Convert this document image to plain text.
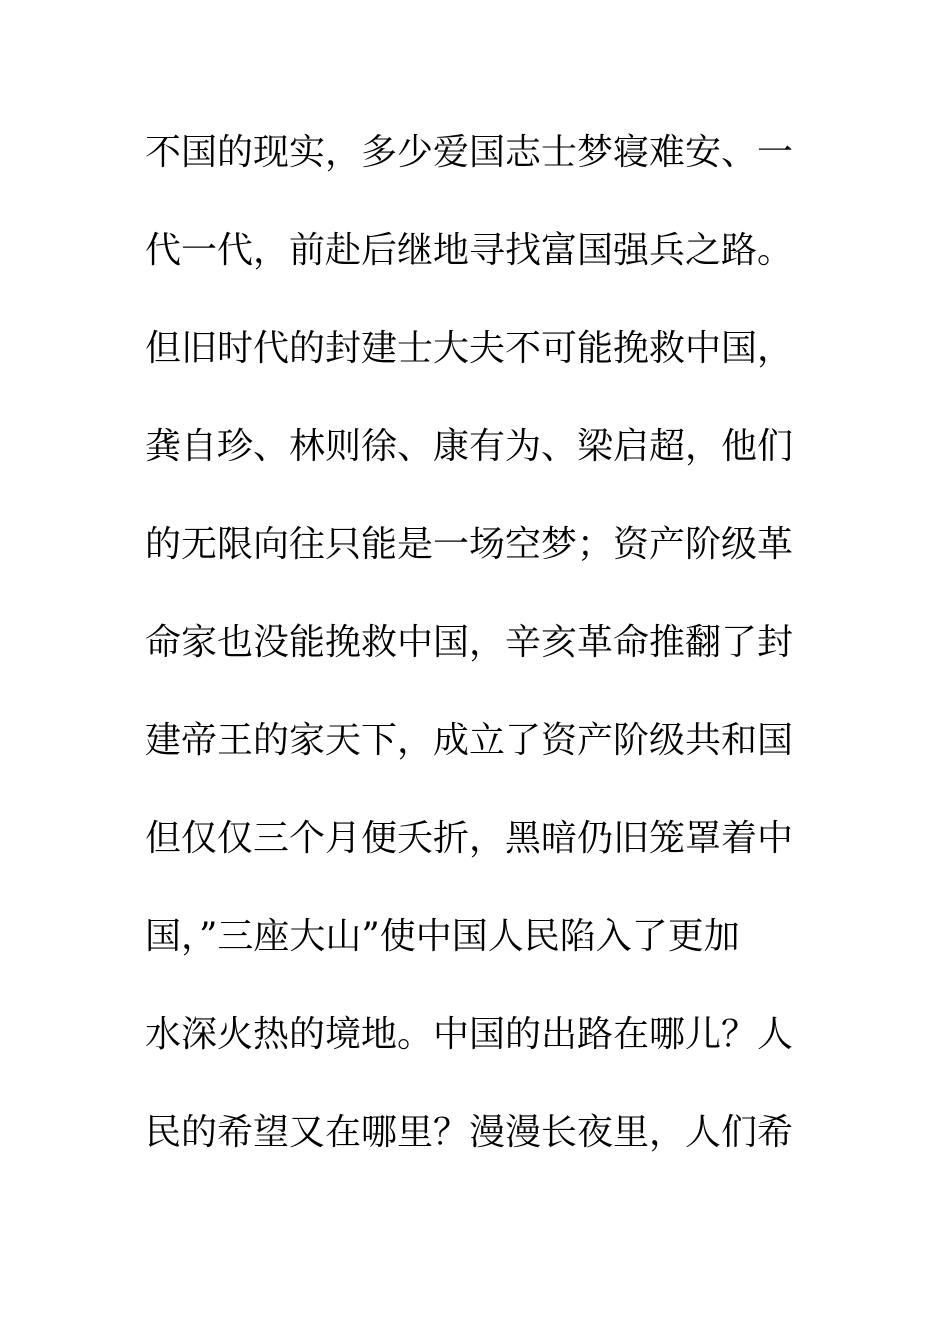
不国的现实，多少爱国志士梦寝难安、一
代一代，前赴后继地寻找富国强兵之路。
但旧时代的封建士大夫不可能挽救中国，
龚自珍、林则徐、康有为、梁启超，他们
的无限向往只能是一场空梦；资产阶级革
命家也没能挽救中国，辛亥革命推翻了封
建帝王的家天下，成立了资产阶级共和国
但仅仅三个月便夭折，黑暗仍旧笼罩着中
国，”三座大山”使中国人民陷入了更加
水深火热的境地。中国的出路在哪儿？人
民的希望又在哪里？漫漫长夜里，人们希
